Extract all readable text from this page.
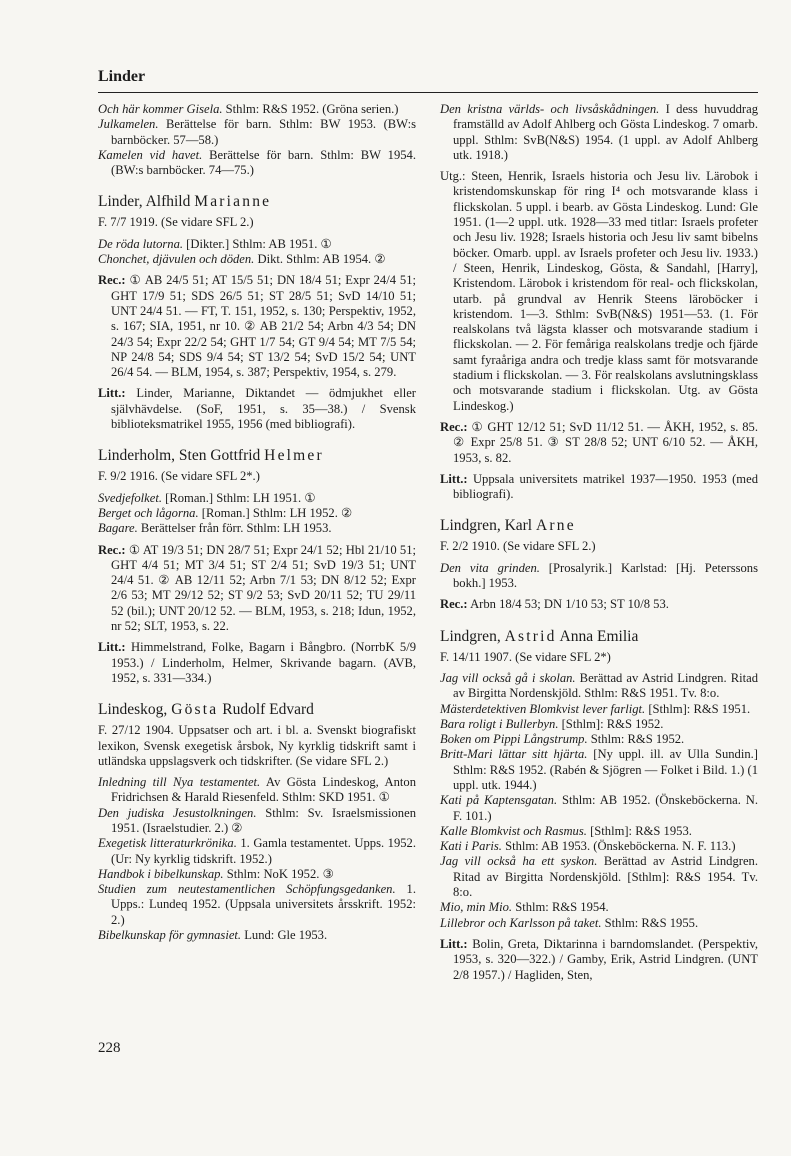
Linder
Och här kommer Gisela. Sthlm: R&S 1952. (Gröna serien.)
Julkamelen. Berättelse för barn. Sthlm: BW 1953. (BW:s barnböcker. 57—58.)
Kamelen vid havet. Berättelse för barn. Sthlm: BW 1954. (BW:s barnböcker. 74—75.)
Linder, Alfhild Marianne
F. 7/7 1919. (Se vidare SFL 2.)
De röda lutorna. [Dikter.] Sthlm: AB 1951. ①
Chonchet, djävulen och döden. Dikt. Sthlm: AB 1954. ②
Rec.: ① AB 24/5 51; AT 15/5 51; DN 18/4 51; Expr 24/4 51; GHT 17/9 51; SDS 26/5 51; ST 28/5 51; SvD 14/10 51; UNT 24/4 51. — FT, T. 151, 1952, s. 130; Perspektiv, 1952, s. 167; SIA, 1951, nr 10. ② AB 21/2 54; Arbn 4/3 54; DN 24/3 54; Expr 22/2 54; GHT 1/7 54; GT 9/4 54; MT 7/5 54; NP 24/8 54; SDS 9/4 54; ST 13/2 54; SvD 15/2 54; UNT 26/4 54. — BLM, 1954, s. 387; Perspektiv, 1954, s. 279.
Litt.: Linder, Marianne, Diktandet — ödmjukhet eller självhävdelse. (SoF, 1951, s. 35—38.) / Svensk biblioteksmatrikel 1955, 1956 (med bibliografi).
Linderholm, Sten Gottfrid Helmer
F. 9/2 1916. (Se vidare SFL 2*.)
Svedjefolket. [Roman.] Sthlm: LH 1951. ①
Berget och lågorna. [Roman.] Sthlm: LH 1952. ②
Bagare. Berättelser från förr. Sthlm: LH 1953.
Rec.: ① AT 19/3 51; DN 28/7 51; Expr 24/1 52; Hbl 21/10 51; GHT 4/4 51; MT 3/4 51; ST 2/4 51; SvD 19/3 51; UNT 24/4 51. ② AB 12/11 52; Arbn 7/1 53; DN 8/12 52; Expr 2/6 53; MT 29/12 52; ST 9/2 53; SvD 20/11 52; TU 29/11 52 (bil.); UNT 20/12 52. — BLM, 1953, s. 218; Idun, 1952, nr 52; SLT, 1953, s. 22.
Litt.: Himmelstrand, Folke, Bagarn i Bångbro. (NorrbK 5/9 1953.) / Linderholm, Helmer, Skrivande bagarn. (AVB, 1952, s. 331—334.)
Lindeskog, Gösta Rudolf Edvard
F. 27/12 1904. Uppsatser och art. i bl. a. Svenskt biografiskt lexikon, Svensk exegetisk årsbok, Ny kyrklig tidskrift samt i utländska uppslagsverk och tidskrifter. (Se vidare SFL 2.)
Inledning till Nya testamentet. Av Gösta Lindeskog, Anton Fridrichsen & Harald Riesenfeld. Sthlm: SKD 1951. ①
Den judiska Jesustolkningen. Sthlm: Sv. Israelsmissionen 1951. (Israelstudier. 2.) ②
Exegetisk litteraturkrönika. 1. Gamla testamentet. Upps. 1952. (Ur: Ny kyrklig tidskrift. 1952.)
Handbok i bibelkunskap. Sthlm: NoK 1952. ③
Studien zum neutestamentlichen Schöpfungsgedanken. 1. Upps.: Lundeq 1952. (Uppsala universitets årsskrift. 1952: 2.)
Bibelkunskap för gymnasiet. Lund: Gle 1953.
Den kristna världs- och livsåskådningen. I dess huvuddrag framställd av Adolf Ahlberg och Gösta Lindeskog. 7 omarb. uppl. Sthlm: SvB(N&S) 1954. (1 uppl. av Adolf Ahlberg utk. 1918.)
Utg.: Steen, Henrik, Israels historia och Jesu liv. Lärobok i kristendomskunskap för ring I⁴ och motsvarande klass i flickskolan. 5 uppl. i bearb. av Gösta Lindeskog. Lund: Gle 1951. (1—2 uppl. utk. 1928—33 med titlar: Israels profeter och Jesu liv. 1928; Israels historia och Jesu liv samt bibelns böcker. Omarb. uppl. av Israels profeter och Jesu liv. 1933.) / Steen, Henrik, Lindeskog, Gösta, & Sandahl, [Harry], Kristendom. Lärobok i kristendom för real- och flickskolan, utarb. på grundval av Henrik Steens läroböcker i kristendom. 1—3. Sthlm: SvB(N&S) 1951—53. (1. För realskolans två lägsta klasser och motsvarande stadium i flickskolan. — 2. För femåriga realskolans tredje och fjärde samt fyraåriga andra och tredje klass samt för motsvarande stadium i flickskolan. — 3. För realskolans avslutningsklass och motsvarande stadium i flickskolan. Utg. av Gösta Lindeskog.)
Rec.: ① GHT 12/12 51; SvD 11/12 51. — ÅKH, 1952, s. 85. ② Expr 25/8 51. ③ ST 28/8 52; UNT 6/10 52. — ÅKH, 1953, s. 82.
Litt.: Uppsala universitets matrikel 1937—1950. 1953 (med bibliografi).
Lindgren, Karl Arne
F. 2/2 1910. (Se vidare SFL 2.)
Den vita grinden. [Prosalyrik.] Karlstad: [Hj. Peterssons bokh.] 1953.
Rec.: Arbn 18/4 53; DN 1/10 53; ST 10/8 53.
Lindgren, Astrid Anna Emilia
F. 14/11 1907. (Se vidare SFL 2*)
Jag vill också gå i skolan. Berättad av Astrid Lindgren. Ritad av Birgitta Nordenskjöld. Sthlm: R&S 1951. Tv. 8:o.
Mästerdetektiven Blomkvist lever farligt. [Sthlm]: R&S 1951.
Bara roligt i Bullerbyn. [Sthlm]: R&S 1952.
Boken om Pippi Långstrump. Sthlm: R&S 1952.
Britt-Mari lättar sitt hjärta. [Ny uppl. ill. av Ulla Sundin.] Sthlm: R&S 1952. (Rabén & Sjögren — Folket i Bild. 1.) (1 uppl. utk. 1944.)
Kati på Kaptensgatan. Sthlm: AB 1952. (Önskeböckerna. N. F. 101.)
Kalle Blomkvist och Rasmus. [Sthlm]: R&S 1953.
Kati i Paris. Sthlm: AB 1953. (Önskeböckerna. N. F. 113.)
Jag vill också ha ett syskon. Berättad av Astrid Lindgren. Ritad av Birgitta Nordenskjöld. [Sthlm]: R&S 1954. Tv. 8:o.
Mio, min Mio. Sthlm: R&S 1954.
Lillebror och Karlsson på taket. Sthlm: R&S 1955.
Litt.: Bolin, Greta, Diktarinna i barndomslandet. (Perspektiv, 1953, s. 320—322.) / Gamby, Erik, Astrid Lindgren. (UNT 2/8 1957.) / Hagliden, Sten,
228
